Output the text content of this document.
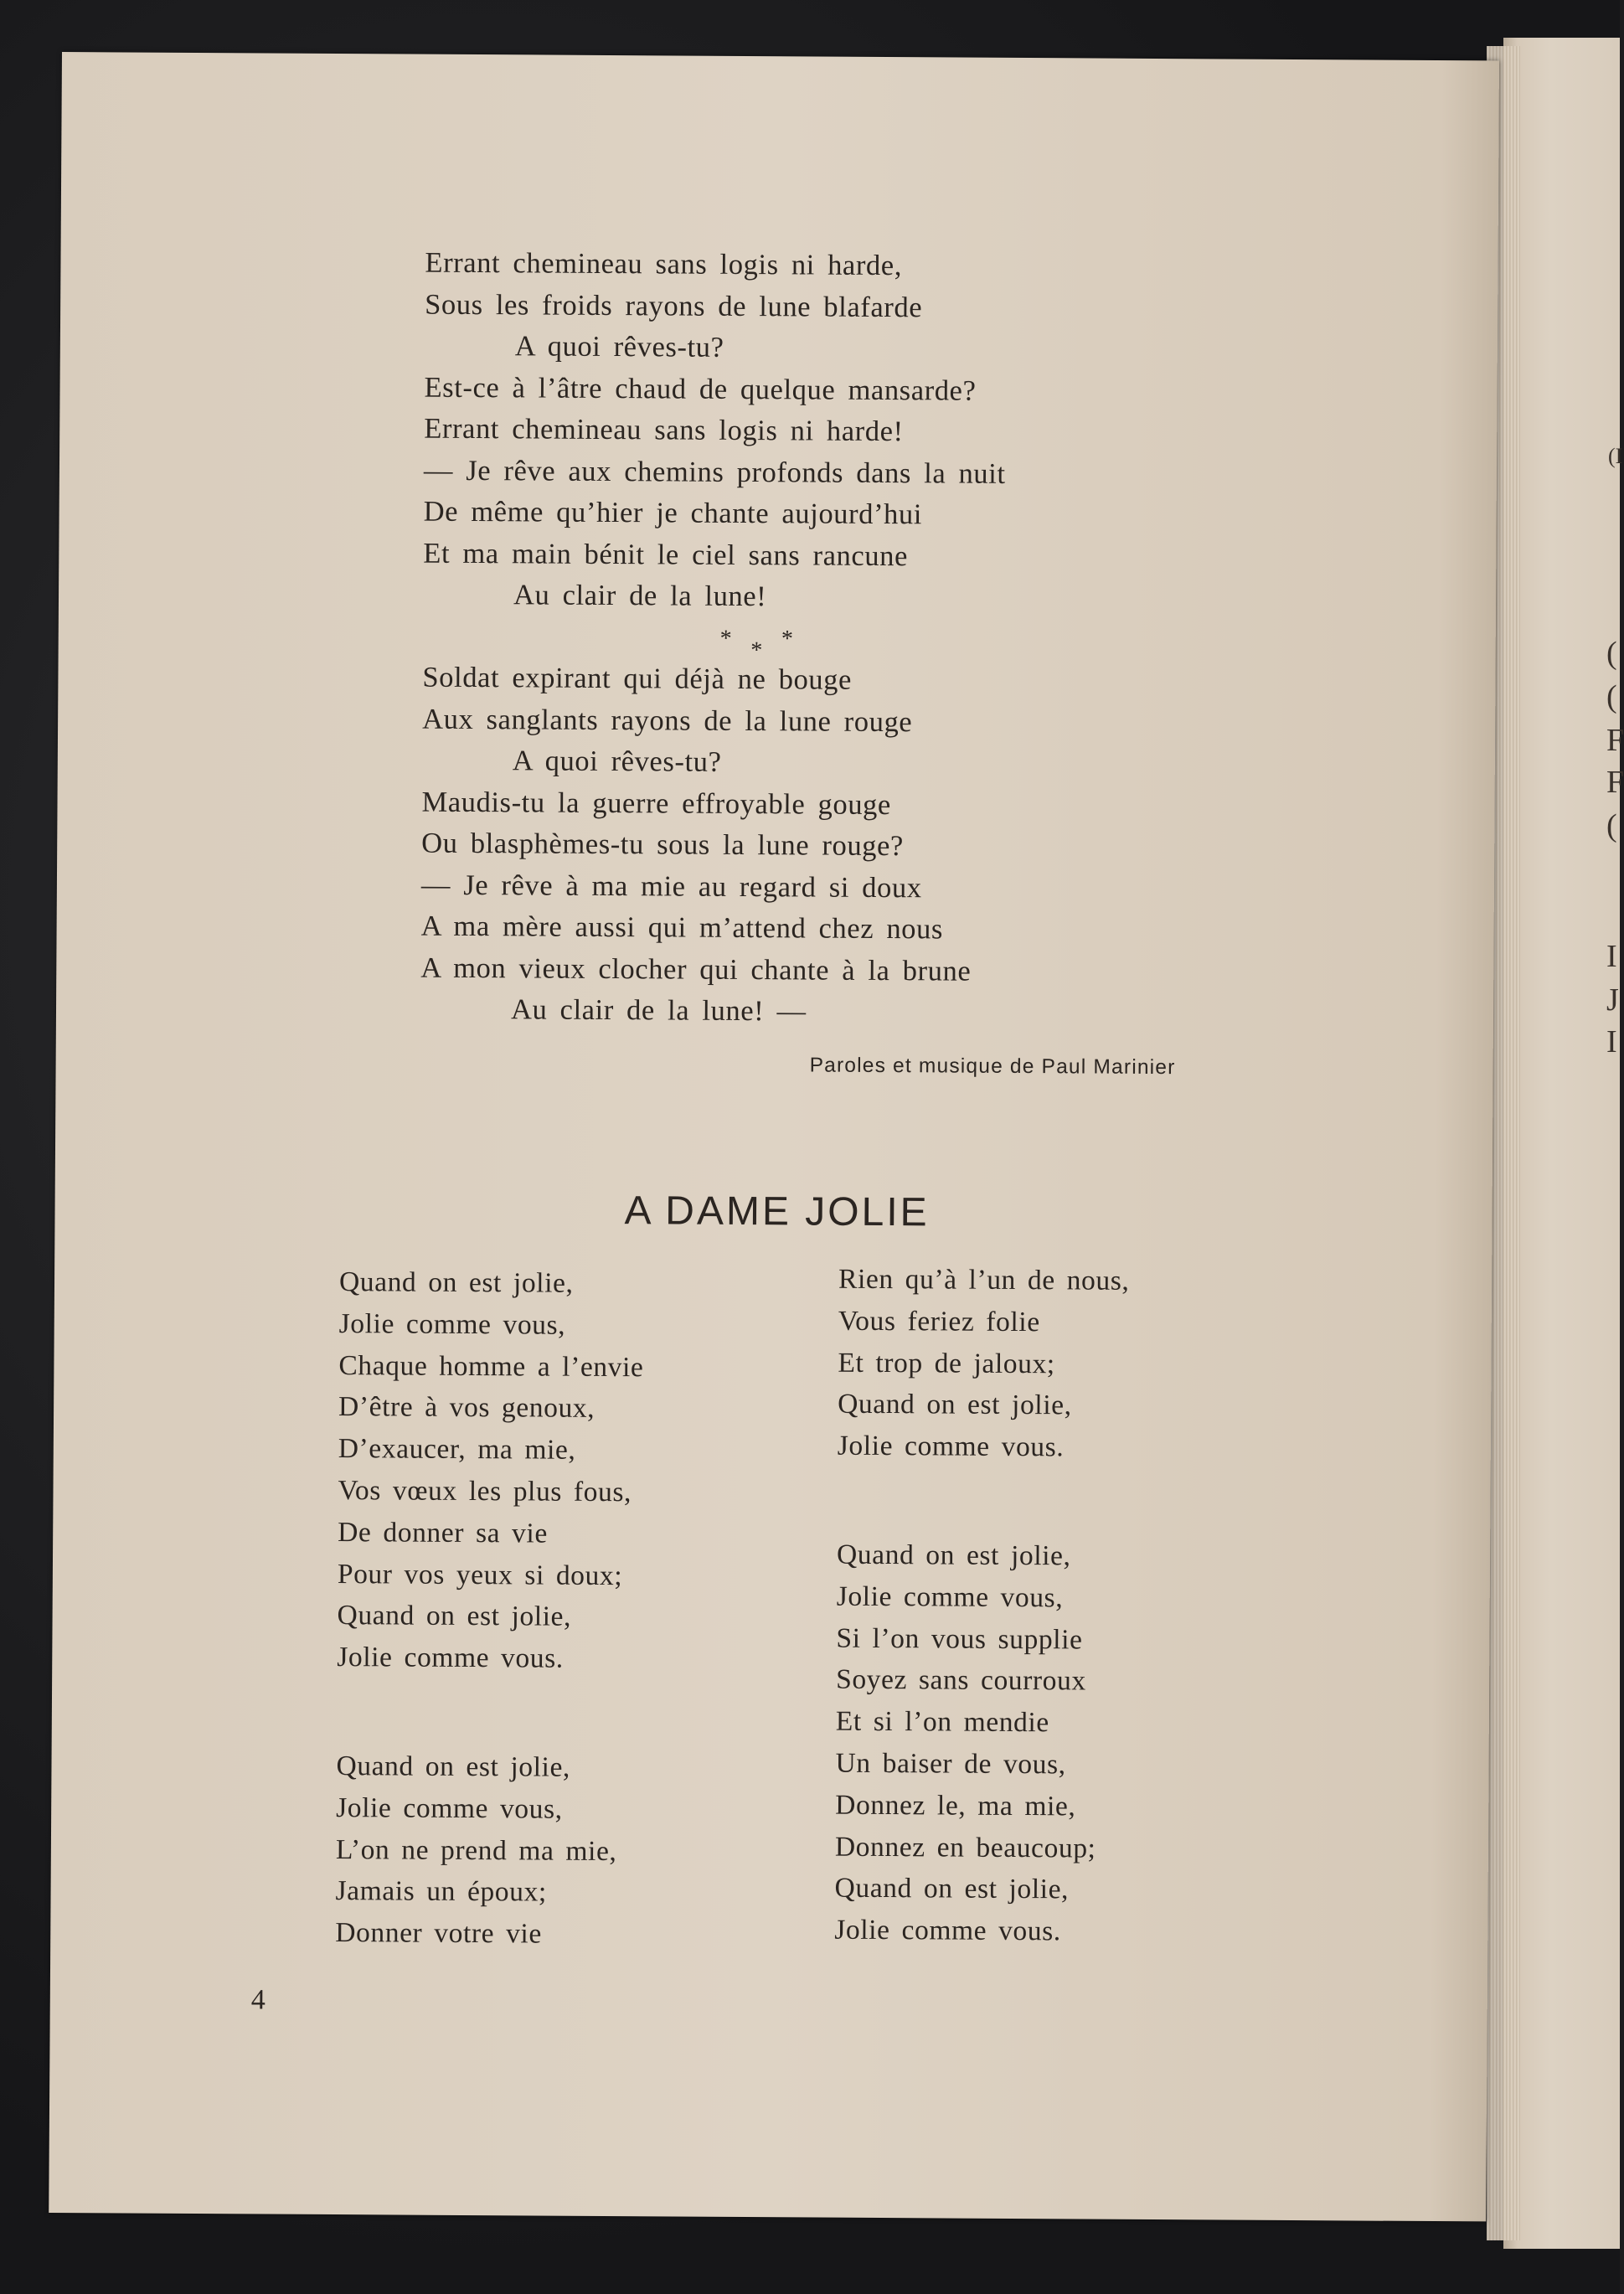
(I
(
(
F
F
(
I
J
I
Errant chemineau sans logis ni harde,
Sous les froids rayons de lune blafarde
A quoi rêves-tu?
Est-ce à l’âtre chaud de quelque mansarde?
Errant chemineau sans logis ni harde!
— Je rêve aux chemins profonds dans la nuit
De même qu’hier je chante aujourd’hui
Et ma main bénit le ciel sans rancune
Au clair de la lune!
* * *
Soldat expirant qui déjà ne bouge
Aux sanglants rayons de la lune rouge
A quoi rêves-tu?
Maudis-tu la guerre effroyable gouge
Ou blasphèmes-tu sous la lune rouge?
— Je rêve à ma mie au regard si doux
A ma mère aussi qui m’attend chez nous
A mon vieux clocher qui chante à la brune
Au clair de la lune! —
Paroles et musique de Paul Marinier
A DAME JOLIE
Quand on est jolie,
Jolie comme vous,
Chaque homme a l’envie
D’être à vos genoux,
D’exaucer, ma mie,
Vos vœux les plus fous,
De donner sa vie
Pour vos yeux si doux;
Quand on est jolie,
Jolie comme vous.
Quand on est jolie,
Jolie comme vous,
L’on ne prend ma mie,
Jamais un époux;
Donner votre vie
Rien qu’à l’un de nous,
Vous feriez folie
Et trop de jaloux;
Quand on est jolie,
Jolie comme vous.
Quand on est jolie,
Jolie comme vous,
Si l’on vous supplie
Soyez sans courroux
Et si l’on mendie
Un baiser de vous,
Donnez le, ma mie,
Donnez en beaucoup;
Quand on est jolie,
Jolie comme vous.
4
